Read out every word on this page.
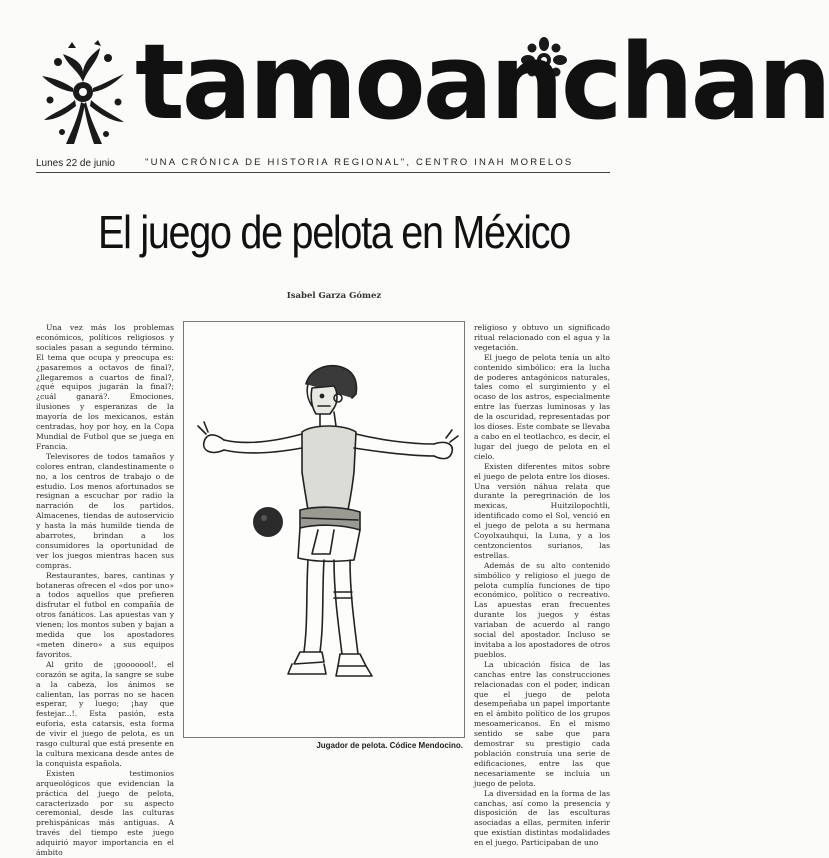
tamoanchan
Lunes 22 de junio	"UNA CRÓNICA DE HISTORIA REGIONAL", CENTRO INAH MORELOS
El juego de pelota en México
Isabel Garza Gómez

Una vez más los problemas económicos, políticos religiosos y sociales pasan a segundo término. El tema que ocupa y preocupa es: ¿pasaremos a octavos de final?, ¿llegaremos a cuartos de final?, ¿qué equipos jugarán la final?; ¿cuál ganará?. Emociones, ilusiones y esperanzas de la mayoría de los mexicanos, están centradas, hoy por hoy, en la Copa Mundial de Futbol que se juega en Francia.

Televisores de todos tamaños y colores entran, clandestinamente o no, a los centros de trabajo o de estudio. Los menos afortunados se resignan a escuchar por radio la narración de los partidos. Almacenes, tiendas de autoservicio y hasta la más humilde tienda de abarrotes, brindan a los consumidores la oportunidad de ver los juegos mientras hacen sus compras.

Restaurantes, bares, cantinas y botaneras ofrecen el «dos por uno» a todos aquellos que prefieren disfrutar el futbol en compañía de otros fanáticos. Las apuestas van y vienen; los montos suben y bajan a medida que los apostadores «meten dinero» a sus equipos favoritos.

Al grito de ¡gooooool!, el corazón se agita, la sangre se sube a la cabeza, los ánimos se calientan, las porras no se hacen esperar, y luego; ¡hay que festejar...!. Esta pasión, esta euforia, esta catarsis, esta forma de vivir el juego de pelota, es un rasgo cultural que está presente en la cultura mexicana desde antes de la conquista española.

Existen testimonios arqueológicos que evidencian la práctica del juego de pelota, caracterizado por su aspecto ceremonial, desde las culturas prehispánicas más antiguas. A través del tiempo este juego adquirió mayor importancia en el ámbito

Jugador de pelota. Códice Mendocino.

religioso y obtuvo un significado ritual relacionado con el agua y la vegetación.

El juego de pelota tenía un alto contenido simbólico: era la lucha de poderes antagónicos naturales, tales como el surgimiento y el ocaso de los astros, especialmente entre las fuerzas luminosas y las de la oscuridad, representadas por los dioses. Este combate se llevaba a cabo en el teotlachco, es decir, el lugar del juego de pelota en el cielo.

Existen diferentes mitos sobre el juego de pelota entre los dioses. Una versión náhua relata que durante la peregrinación de los mexicas, Huitzilopochtli, identificado como el Sol, venció en el juego de pelota a su hermana Coyolxauhqui, la Luna, y a los centzoncientos surianos, las estrellas.

Además de su alto contenido simbólico y religioso el juego de pelota cumplía funciones de tipo económico, político o recreativo. Las apuestas eran frecuentes durante los juegos y éstas variaban de acuerdo al rango social del apostador. Incluso se invitaba a los apostadores de otros pueblos.

La ubicación física de las canchas entre las construcciones relacionadas con el poder, indican que el juego de pelota desempeñaba un papel importante en el ámbito político de los grupos mesoamericanos. En el mismo sentido se sabe que para demostrar su prestigio cada población construía una serie de edificaciones, entre las que necesariamente se incluía un juego de pelota.

La diversidad en la forma de las canchas, así como la presencia y disposición de las esculturas asociadas a ellas, permiten inferir que existían distintas modalidades en el juego. Participaban de uno
